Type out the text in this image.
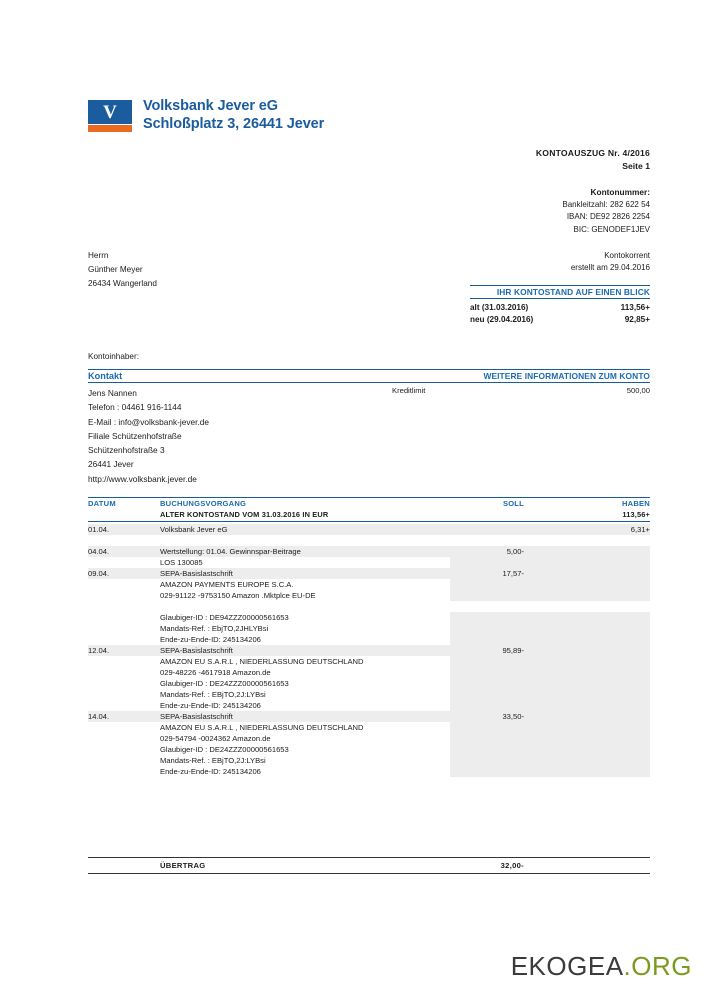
V Volksbank Jever eG
Schloßplatz 3, 26441 Jever
KONTOAUSZUG Nr. 4/2016
Seite 1
Kontonummer:
Bankleitzahl: 282 622 54
IBAN: DE92 2826 2254
BIC: GENODEF1JEV
Kontokorrent
erstellt am 29.04.2016
Herrn
Günther Meyer
26434 Wangerland
IHR KONTOSTAND AUF EINEN BLICK
alt (31.03.2016)	113,56+
neu (29.04.2016)	92,85+
Kontoinhaber:
Kontakt	WEITERE INFORMATIONEN ZUM KONTO
Jens Nannen
Telefon : 04461 916-1144
E-Mail : info@volksbank-jever.de
Filiale Schützenhofstraße
Schützenhofstraße 3
26441 Jever
http://www.volksbank.jever.de
Kreditlimit	500,00
DATUM	BUCHUNGSVORGANG	SOLL	HABEN
ALTER KONTOSTAND VOM 31.03.2016 IN EUR	113,56+
01.04.	Volksbank Jever eG	6,31+
04.04.	Wertstellung: 01.04. Gewinnspar-Beitrage	5,00-
LOS 130085
09.04.	SEPA-Basislastschrift	17,57-
AMAZON PAYMENTS EUROPE S.C.A.
029-91122 -9753150 Amazon .Mktplce EU-DE
Glaubiger-ID : DE94ZZZ00000561653
Mandats-Ref. : EbjTO,2JHLYBsi
Ende-zu-Ende-ID: 245134206
12.04.	SEPA-Basislastschrift	95,89-
AMAZON EU S.A.R.L , NIEDERLASSUNG DEUTSCHLAND
029-48226 -4617918 Amazon.de
Glaubiger-ID : DE24ZZZ00000561653
Mandats-Ref. : EBjTO,2J:LYBsi
Ende-zu-Ende-ID: 245134206
14.04.	SEPA-Basislastschrift	33,50-
AMAZON EU S.A.R.L , NIEDERLASSUNG DEUTSCHLAND
029-54794 -0024362 Amazon.de
Glaubiger-ID : DE24ZZZ00000561653
Mandats-Ref. : EBjTO,2J:LYBsi
Ende-zu-Ende-ID: 245134206
ÜBERTRAG	32,00-
EKOGEA.ORG
